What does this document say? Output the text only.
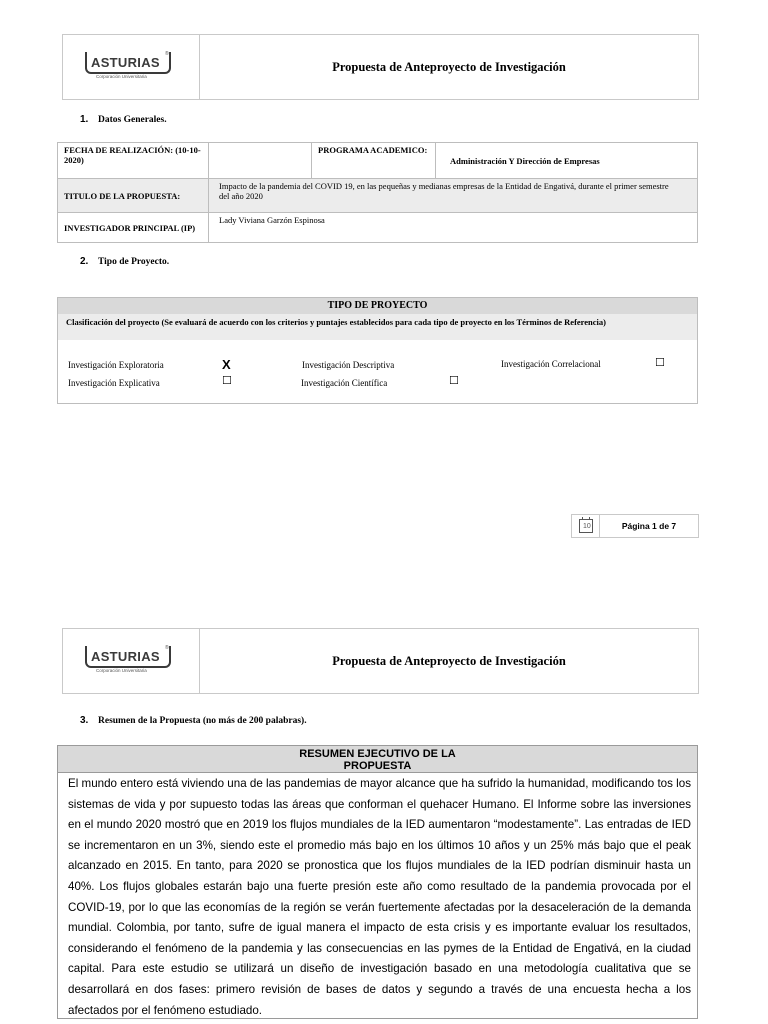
ASTURIAS
®
Corporación Universitaria
Propuesta de Anteproyecto de Investigación
1. Datos Generales.
FECHA DE REALIZACIÓN: (10-10-2020)		PROGRAMA ACADEMICO:	Administración Y Dirección de Empresas
TITULO DE LA PROPUESTA:	Impacto de la pandemia del COVID 19, en las pequeñas y medianas empresas de la Entidad de Engativá, durante el primer semestre del año 2020		
INVESTIGADOR PRINCIPAL (IP)	Lady Viviana Garzón Espinosa		
2. Tipo de Proyecto.
TIPO DE PROYECTO
Clasificación del proyecto (Se evaluará de acuerdo con los criterios y puntajes establecidos para cada tipo de proyecto en los Términos de Referencia)
Investigación Exploratoria	X	Investigación Descriptiva	Investigación Correlacional	☐
Investigación Explicativa	☐	Investigación Científica	☐
10	Página 1 de 7
ASTURIAS
®
Corporación Universitaria
Propuesta de Anteproyecto de Investigación
3. Resumen de la Propuesta (no más de 200 palabras).
RESUMEN EJECUTIVO DE LA
PROPUESTA
El mundo entero está viviendo una de las pandemias de mayor alcance que ha sufrido la humanidad, modificando tos los sistemas de vida y por supuesto todas las áreas que conforman el quehacer Humano. El Informe sobre las inversiones en el mundo 2020 mostró que en 2019 los flujos mundiales de la IED aumentaron “modestamente”. Las entradas de IED se incrementaron en un 3%, siendo este el promedio más bajo en los últimos 10 años y un 25% más bajo que el peak alcanzado en 2015. En tanto, para 2020 se pronostica que los flujos mundiales de la IED podrían disminuir hasta un 40%. Los flujos globales estarán bajo una fuerte presión este año como resultado de la pandemia provocada por el COVID-19, por lo que las economías de la región se verán fuertemente afectadas por la desaceleración de la demanda mundial. Colombia, por tanto, sufre de igual manera el impacto de esta crisis y es importante evaluar los resultados, considerando el fenómeno de la pandemia y las consecuencias en las pymes de la Entidad de Engativá, en la ciudad capital. Para este estudio se utilizará un diseño de investigación basado en una metodología cualitativa que se desarrollará en dos fases: primero revisión de bases de datos y segundo a través de una encuesta hecha a los afectados por el fenómeno estudiado.
